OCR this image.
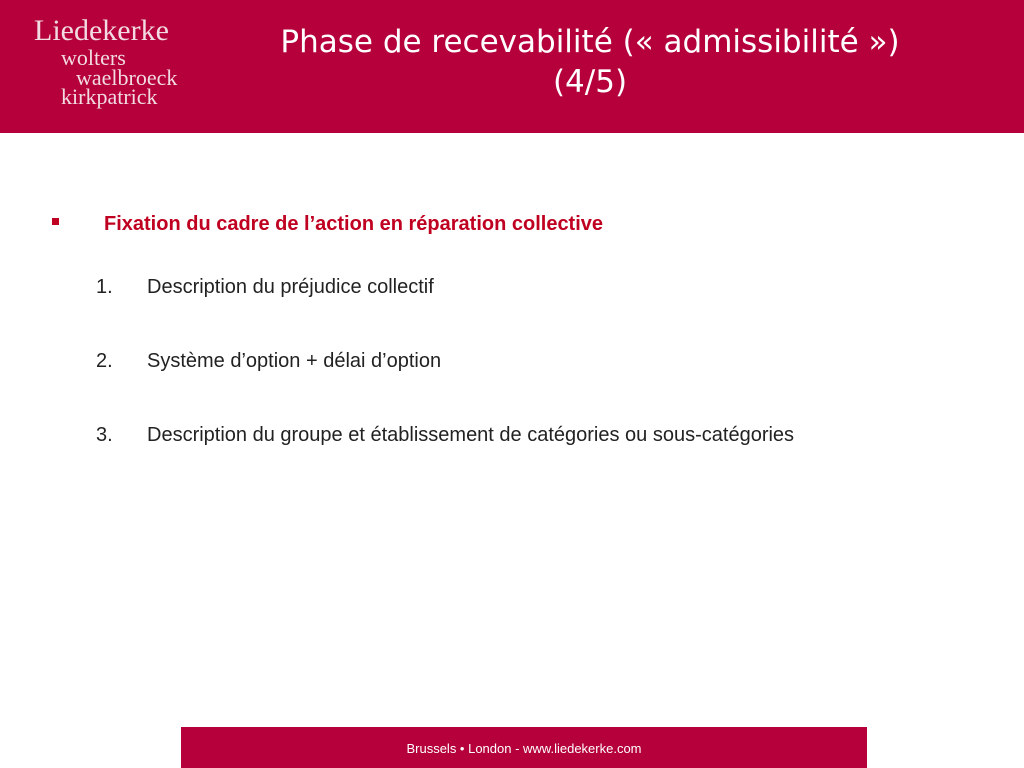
Liedekerke
wolters
waelbroeck
kirkpatrick
Phase de recevabilité (« admissibilité »)
(4/5)
Fixation du cadre de l’action en réparation collective
1. Description du préjudice collectif
2. Système d’option + délai d’option
3. Description du groupe et établissement de catégories ou sous-catégories
Brussels • London - www.liedekerke.com
